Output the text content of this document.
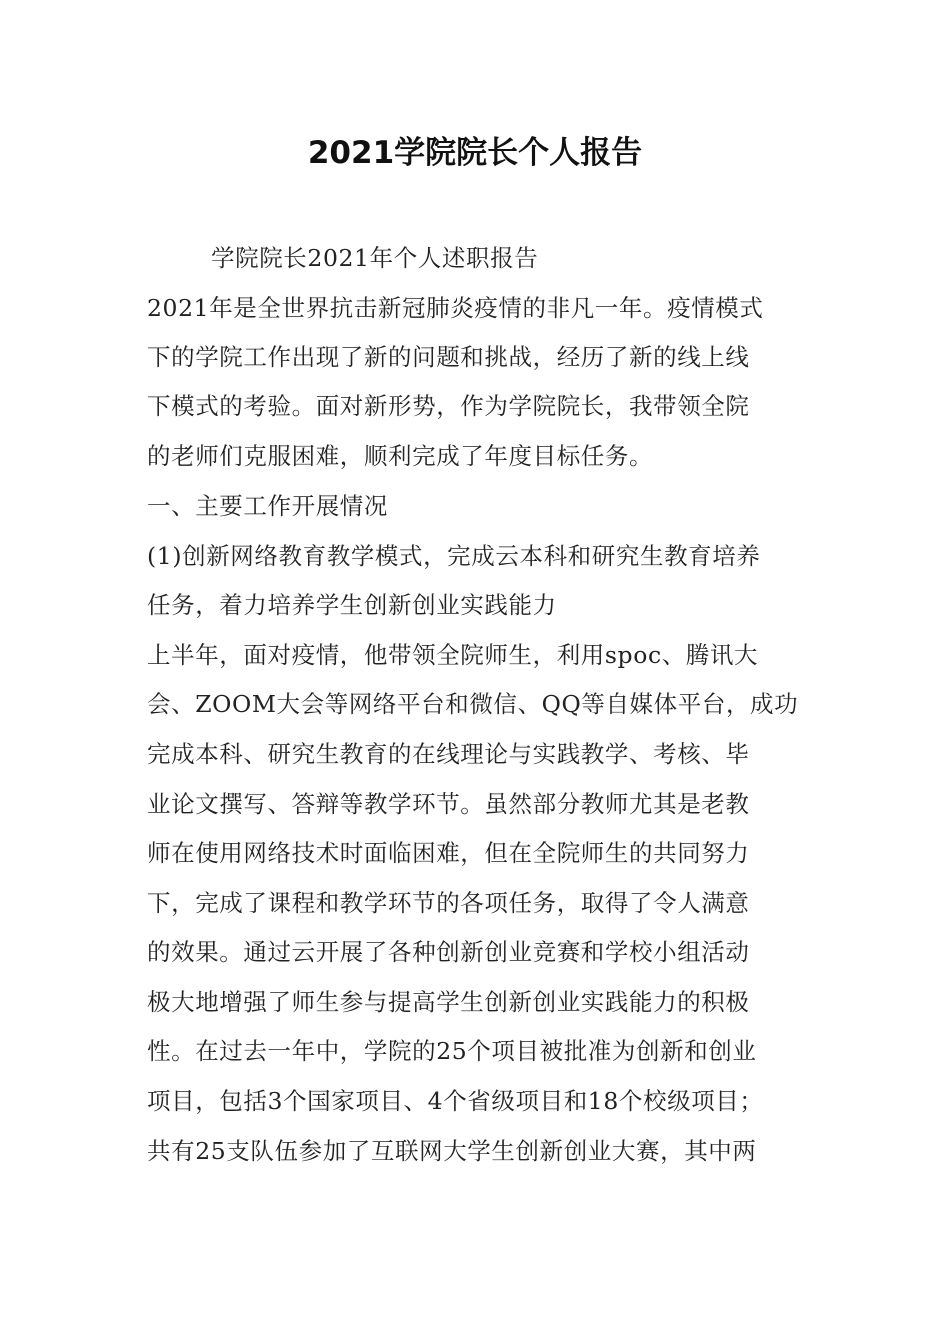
2021学院院长个人报告
学院院长2021年个人述职报告
2021年是全世界抗击新冠肺炎疫情的非凡一年。疫情模式
下的学院工作出现了新的问题和挑战，经历了新的线上线
下模式的考验。面对新形势，作为学院院长，我带领全院
的老师们克服困难，顺利完成了年度目标任务。
一、主要工作开展情况
(1)创新网络教育教学模式，完成云本科和研究生教育培养
任务，着力培养学生创新创业实践能力
上半年，面对疫情，他带领全院师生，利用spoc、腾讯大
会、ZOOM大会等网络平台和微信、QQ等自媒体平台，成功
完成本科、研究生教育的在线理论与实践教学、考核、毕
业论文撰写、答辩等教学环节。虽然部分教师尤其是老教
师在使用网络技术时面临困难，但在全院师生的共同努力
下，完成了课程和教学环节的各项任务，取得了令人满意
的效果。通过云开展了各种创新创业竞赛和学校小组活动
极大地增强了师生参与提高学生创新创业实践能力的积极
性。在过去一年中，学院的25个项目被批准为创新和创业
项目，包括3个国家项目、4个省级项目和18个校级项目；
共有25支队伍参加了互联网大学生创新创业大赛，其中两
